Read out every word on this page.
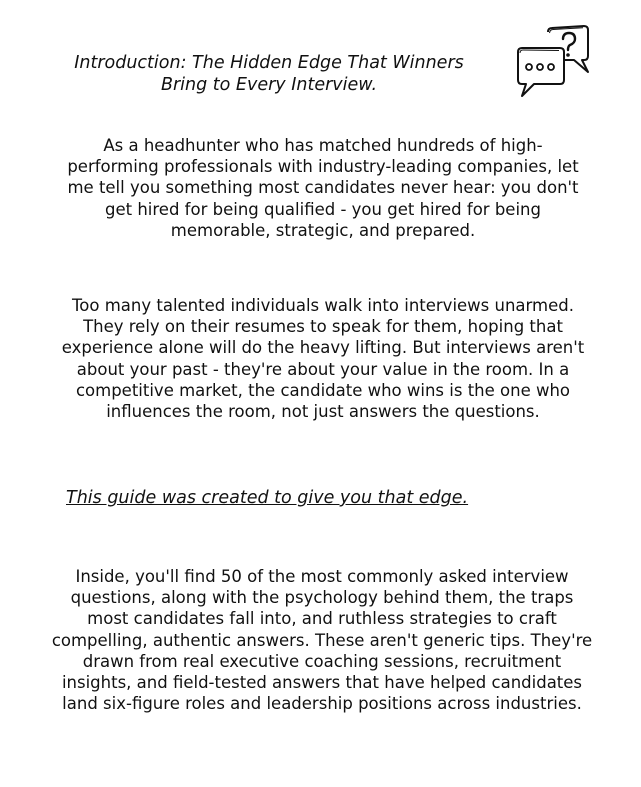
Introduction: The Hidden Edge That Winners
Bring to Every Interview.

As a headhunter who has matched hundreds of high-performing professionals with industry-leading companies, let me tell you something most candidates never hear: you don't get hired for being qualified - you get hired for being memorable, strategic, and prepared.

Too many talented individuals walk into interviews unarmed. They rely on their resumes to speak for them, hoping that experience alone will do the heavy lifting. But interviews aren't about your past - they're about your value in the room. In a competitive market, the candidate who wins is the one who influences the room, not just answers the questions.

This guide was created to give you that edge.

Inside, you'll find 50 of the most commonly asked interview questions, along with the psychology behind them, the traps most candidates fall into, and ruthless strategies to craft compelling, authentic answers. These aren't generic tips. They're drawn from real executive coaching sessions, recruitment insights, and field-tested answers that have helped candidates land six-figure roles and leadership positions across industries.
